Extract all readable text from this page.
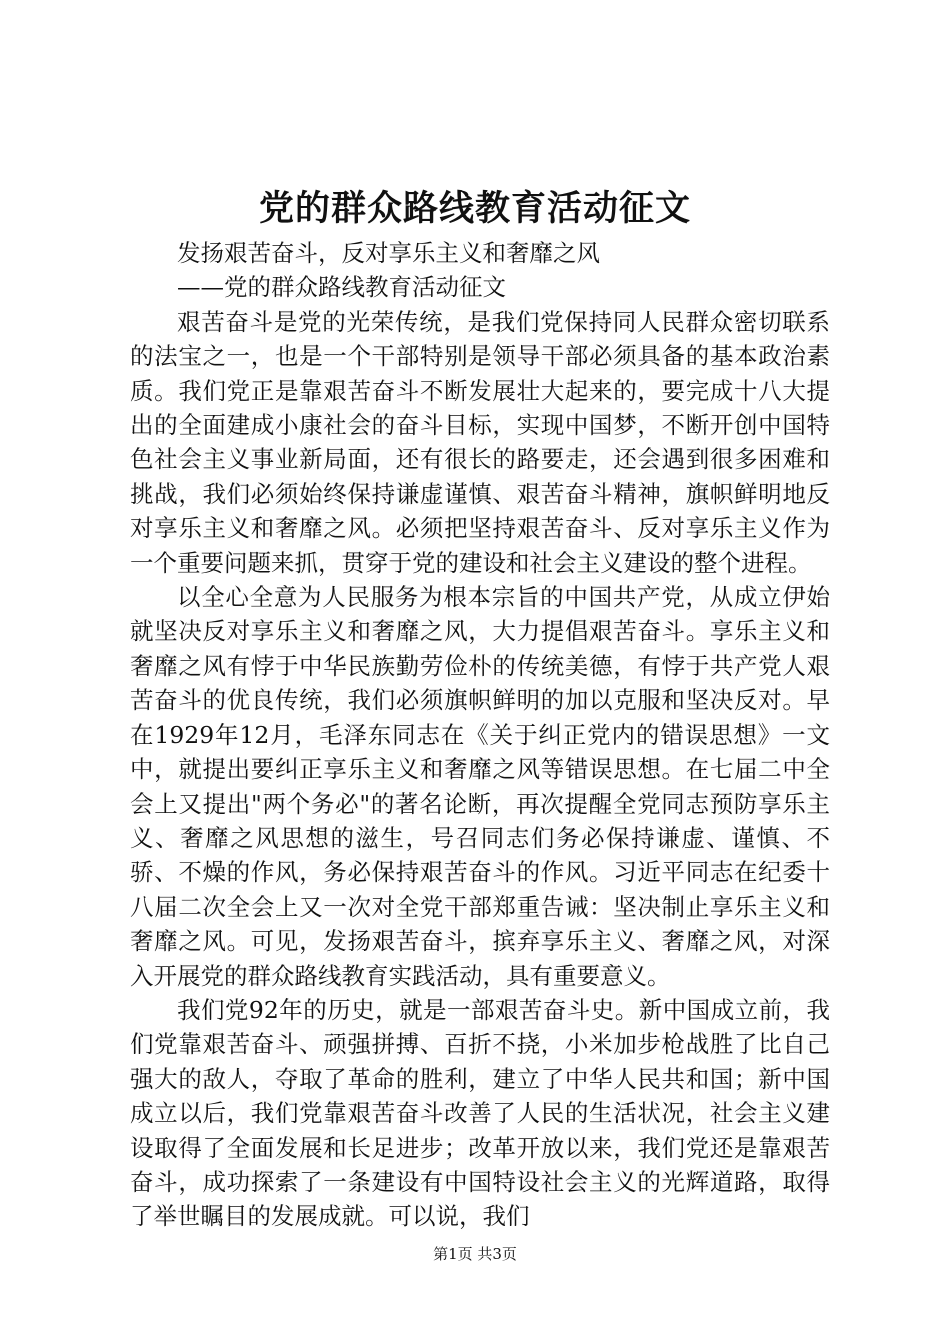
党的群众路线教育活动征文

发扬艰苦奋斗，反对享乐主义和奢靡之风

——党的群众路线教育活动征文

艰苦奋斗是党的光荣传统，是我们党保持同人民群众密切联系的法宝之一，也是一个干部特别是领导干部必须具备的基本政治素质。我们党正是靠艰苦奋斗不断发展壮大起来的，要完成十八大提出的全面建成小康社会的奋斗目标，实现中国梦，不断开创中国特色社会主义事业新局面，还有很长的路要走，还会遇到很多困难和挑战，我们必须始终保持谦虚谨慎、艰苦奋斗精神，旗帜鲜明地反对享乐主义和奢靡之风。必须把坚持艰苦奋斗、反对享乐主义作为一个重要问题来抓，贯穿于党的建设和社会主义建设的整个进程。

以全心全意为人民服务为根本宗旨的中国共产党，从成立伊始就坚决反对享乐主义和奢靡之风，大力提倡艰苦奋斗。享乐主义和奢靡之风有悖于中华民族勤劳俭朴的传统美德，有悖于共产党人艰苦奋斗的优良传统，我们必须旗帜鲜明的加以克服和坚决反对。早在1929年12月，毛泽东同志在《关于纠正党内的错误思想》一文中，就提出要纠正享乐主义和奢靡之风等错误思想。在七届二中全会上又提出"两个务必"的著名论断，再次提醒全党同志预防享乐主义、奢靡之风思想的滋生，号召同志们务必保持谦虚、谨慎、不骄、不燥的作风，务必保持艰苦奋斗的作风。习近平同志在纪委十八届二次全会上又一次对全党干部郑重告诫：坚决制止享乐主义和奢靡之风。可见，发扬艰苦奋斗，摈弃享乐主义、奢靡之风，对深入开展党的群众路线教育实践活动，具有重要意义。

我们党92年的历史，就是一部艰苦奋斗史。新中国成立前，我们党靠艰苦奋斗、顽强拼搏、百折不挠，小米加步枪战胜了比自己强大的敌人，夺取了革命的胜利，建立了中华人民共和国；新中国成立以后，我们党靠艰苦奋斗改善了人民的生活状况，社会主义建设取得了全面发展和长足进步；改革开放以来，我们党还是靠艰苦奋斗，成功探索了一条建设有中国特设社会主义的光辉道路，取得了举世瞩目的发展成就。可以说，我们

第1页 共3页
